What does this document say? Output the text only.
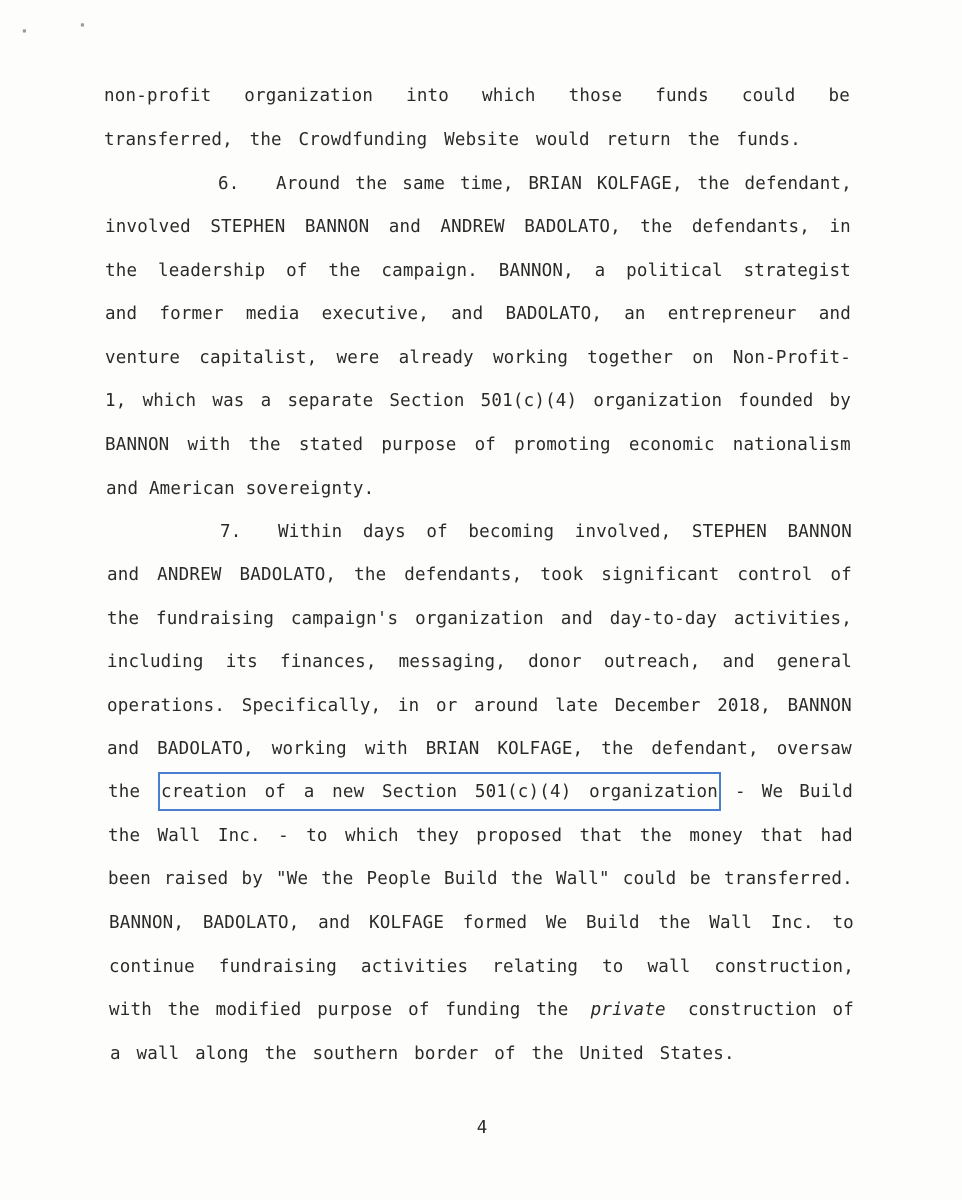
▪
▪
non-profit organization into which those funds could be
transferred, the Crowdfunding Website would return the funds.
6. Around the same time, BRIAN KOLFAGE, the defendant,
involved STEPHEN BANNON and ANDREW BADOLATO, the defendants, in
the leadership of the campaign. BANNON, a political strategist
and former media executive, and BADOLATO, an entrepreneur and
venture capitalist, were already working together on Non-Profit-
1, which was a separate Section 501(c)(4) organization founded by
BANNON with the stated purpose of promoting economic nationalism
and American sovereignty.
7. Within days of becoming involved, STEPHEN BANNON
and ANDREW BADOLATO, the defendants, took significant control of
the fundraising campaign's organization and day-to-day activities,
including its finances, messaging, donor outreach, and general
operations. Specifically, in or around late December 2018, BANNON
and BADOLATO, working with BRIAN KOLFAGE, the defendant, oversaw
the creation of a new Section 501(c)(4) organization - We Build
the Wall Inc. - to which they proposed that the money that had
been raised by "We the People Build the Wall" could be transferred.
BANNON, BADOLATO, and KOLFAGE formed We Build the Wall Inc. to
continue fundraising activities relating to wall construction,
with the modified purpose of funding the private construction of
a wall along the southern border of the United States.
4
